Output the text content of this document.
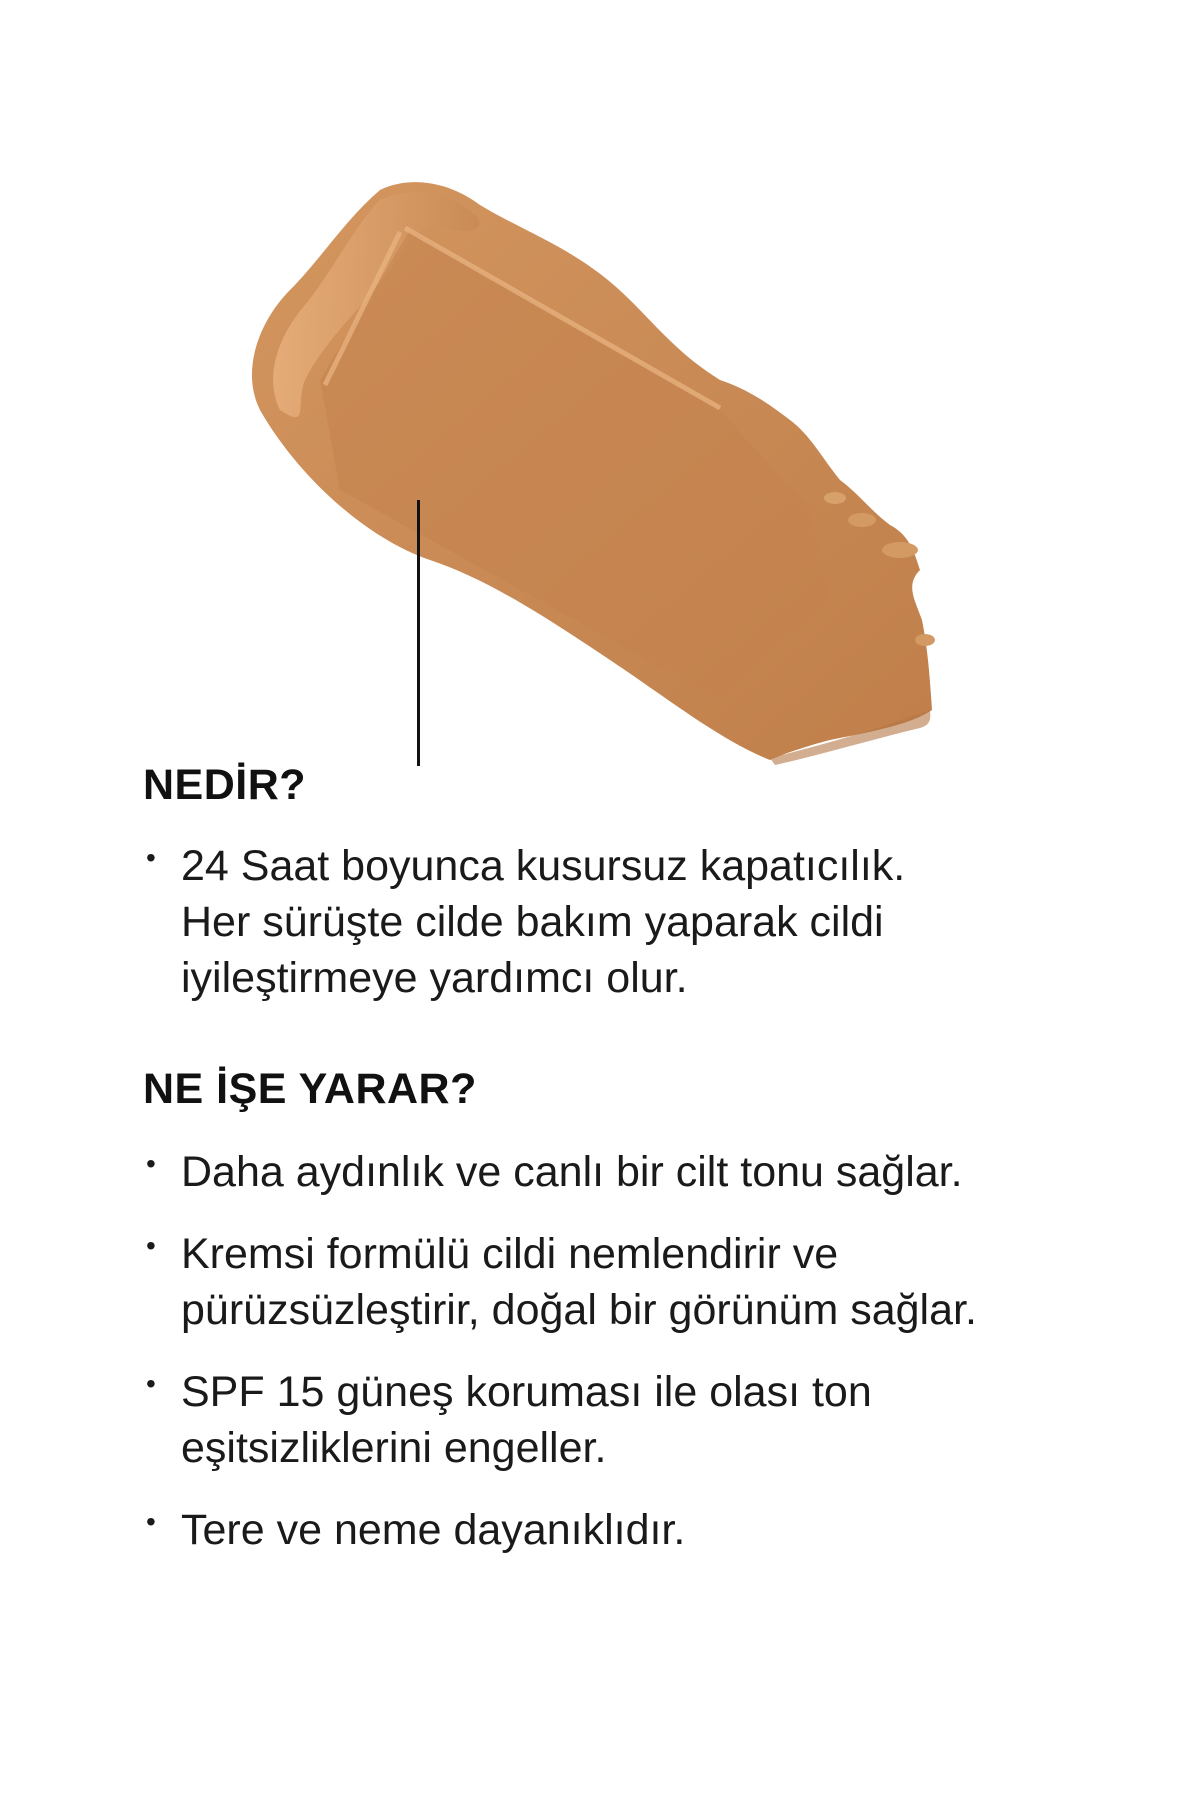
NEDİR?
• 24 Saat boyunca kusursuz kapatıcılık.
Her sürüşte cilde bakım yaparak cildi
iyileştirmeye yardımcı olur.
NE İŞE YARAR?
• Daha aydınlık ve canlı bir cilt tonu sağlar.
• Kremsi formülü cildi nemlendirir ve
pürüzsüzleştirir, doğal bir görünüm sağlar.
• SPF 15 güneş koruması ile olası ton
eşitsizliklerini engeller.
• Tere ve neme dayanıklıdır.
